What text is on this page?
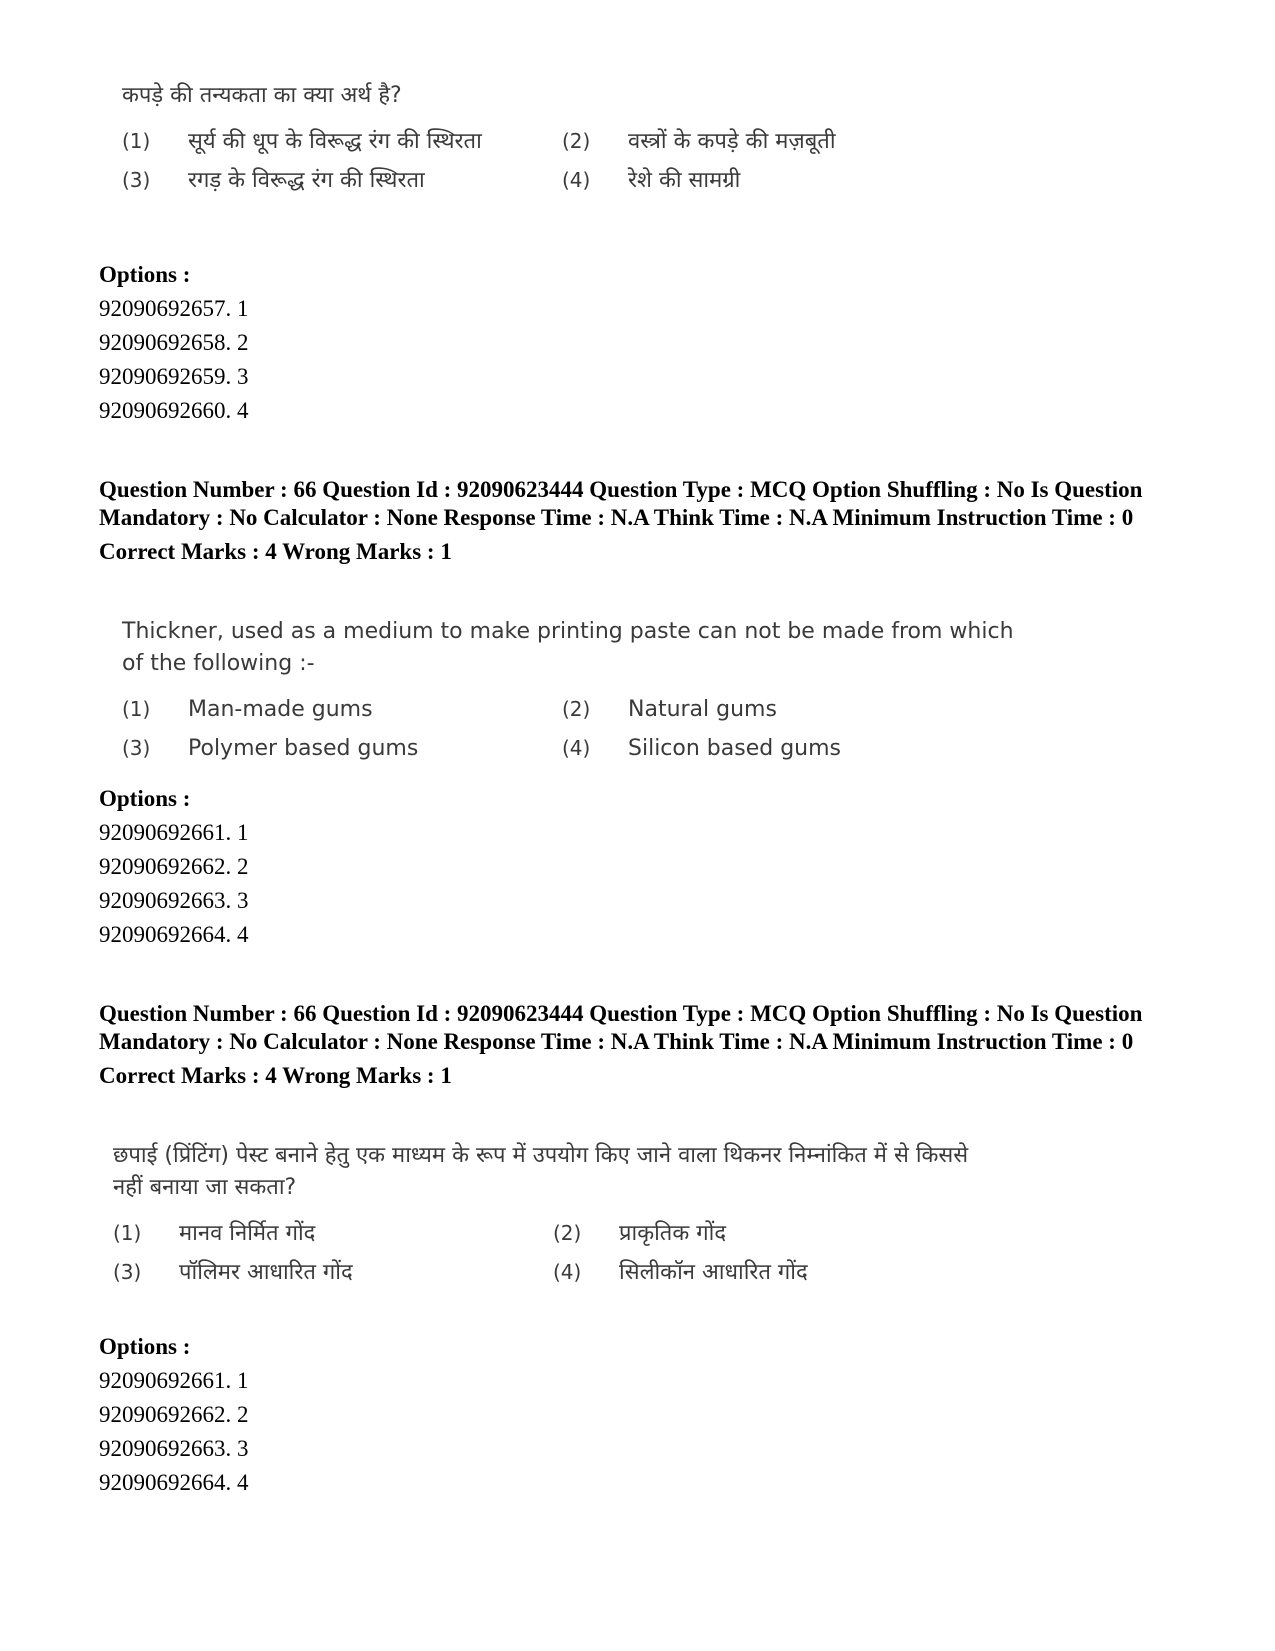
कपड़े की तन्यकता का क्या अर्थ है?

(1)	सूर्य की धूप के विरूद्ध रंग की स्थिरता	(2)	वस्त्रों के कपड़े की मज़बूती
(3)	रगड़ के विरूद्ध रंग की स्थिरता	(4)	रेशे की सामग्री
Options :
92090692657. 1
92090692658. 2
92090692659. 3
92090692660. 4
Question Number : 66 Question Id : 92090623444 Question Type : MCQ Option Shuffling : No Is Question Mandatory : No Calculator : None Response Time : N.A Think Time : N.A Minimum Instruction Time : 0
Correct Marks : 4 Wrong Marks : 1

Thickner, used as a medium to make printing paste can not be made from which of the following :-

(1)	Man-made gums	(2)	Natural gums
(3)	Polymer based gums	(4)	Silicon based gums
Options :
92090692661. 1
92090692662. 2
92090692663. 3
92090692664. 4
Question Number : 66 Question Id : 92090623444 Question Type : MCQ Option Shuffling : No Is Question Mandatory : No Calculator : None Response Time : N.A Think Time : N.A Minimum Instruction Time : 0
Correct Marks : 4 Wrong Marks : 1

छपाई (प्रिंटिंग) पेस्ट बनाने हेतु एक माध्यम के रूप में उपयोग किए जाने वाला थिकनर निम्नांकित में से किससे नहीं बनाया जा सकता?

(1)	मानव निर्मित गोंद	(2)	प्राकृतिक गोंद
(3)	पॉलिमर आधारित गोंद	(4)	सिलीकॉन आधारित गोंद
Options :
92090692661. 1
92090692662. 2
92090692663. 3
92090692664. 4
